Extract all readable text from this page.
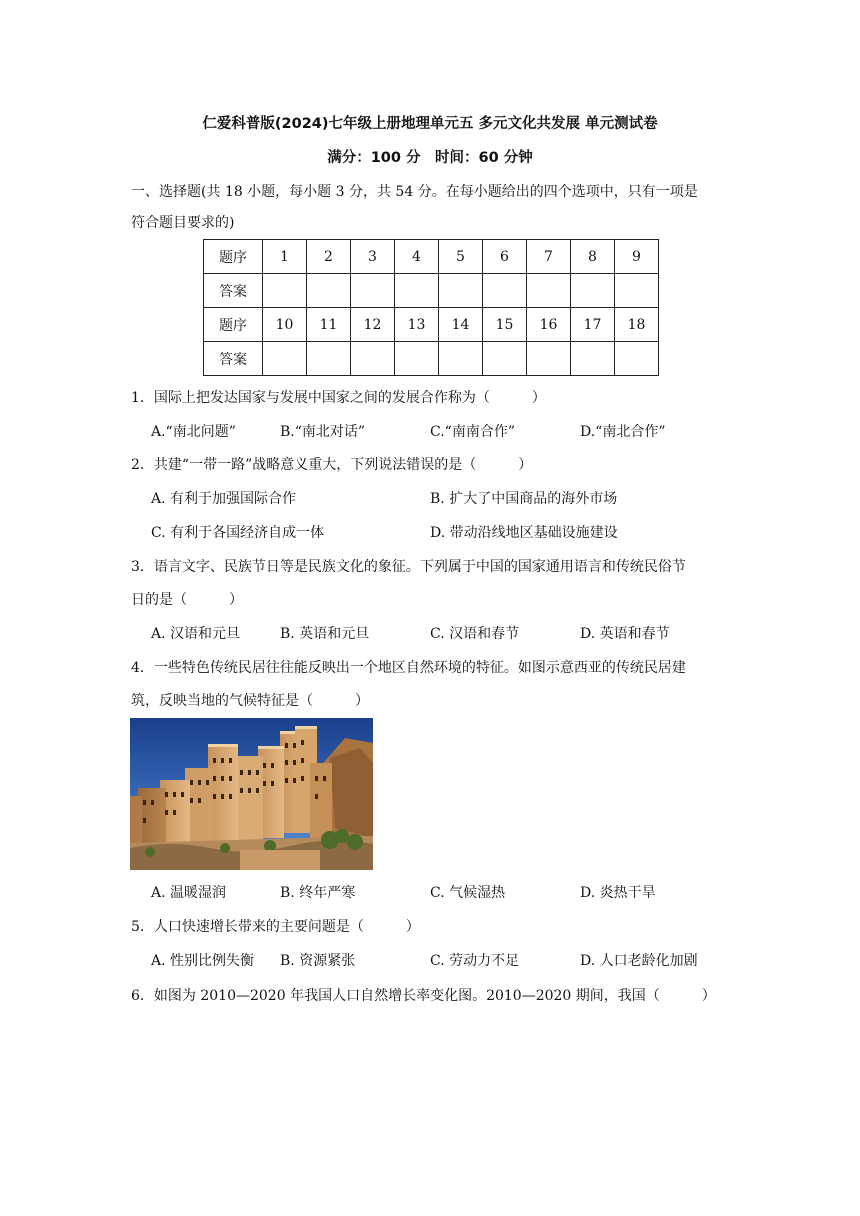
仁爱科普版(2024)七年级上册地理单元五 多元文化共发展 单元测试卷
满分：100 分　时间：60 分钟
一、选择题(共 18 小题，每小题 3 分，共 54 分。在每小题给出的四个选项中，只有一项是
符合题目要求的)
题序	1	2	3	4	5	6	7	8	9
答案									
题序	10	11	12	13	14	15	16	17	18
答案									
1．国际上把发达国家与发展中国家之间的发展合作称为（　　　）
A.“南北问题”	B.“南北对话”	C.“南南合作”	D.“南北合作”
2．共建“一带一路”战略意义重大，下列说法错误的是（　　　）
A. 有利于加强国际合作	B. 扩大了中国商品的海外市场
C. 有利于各国经济自成一体	D. 带动沿线地区基础设施建设
3．语言文字、民族节日等是民族文化的象征。下列属于中国的国家通用语言和传统民俗节
日的是（　　　）
A. 汉语和元旦	B. 英语和元旦	C. 汉语和春节	D. 英语和春节
4．一些特色传统民居往往能反映出一个地区自然环境的特征。如图示意西亚的传统民居建
筑，反映当地的气候特征是（　　　）
A. 温暖湿润	B. 终年严寒	C. 气候湿热	D. 炎热干旱
5．人口快速增长带来的主要问题是（　　　）
A. 性别比例失衡 B. 资源紧张	C. 劳动力不足	D. 人口老龄化加剧
6．如图为 2010—2020 年我国人口自然增长率变化图。2010—2020 期间，我国（　　　）
